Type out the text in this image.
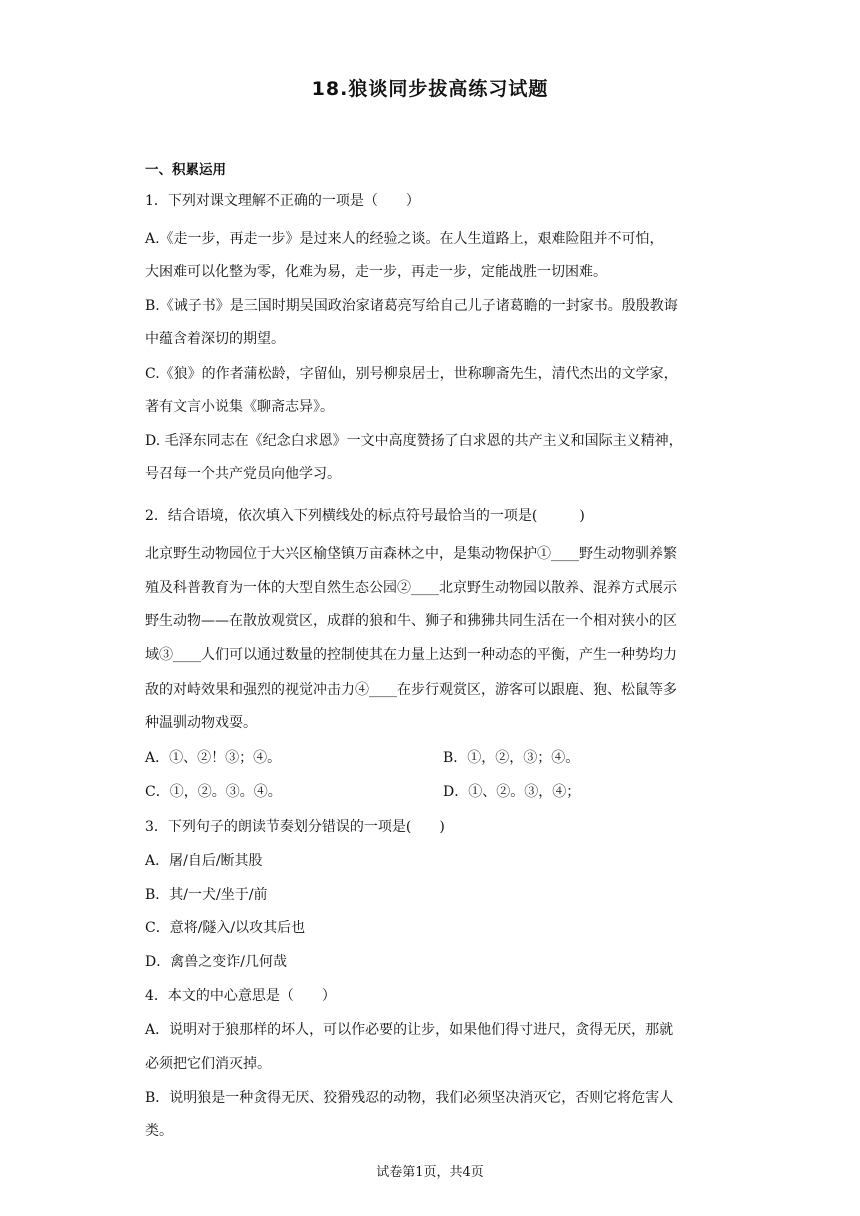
18.狼谈同步拔高练习试题
一、积累运用
1．下列对课文理解不正确的一项是（　　）
A.《走一步，再走一步》是过来人的经验之谈。在人生道路上，艰难险阻并不可怕，
大困难可以化整为零，化难为易，走一步，再走一步，定能战胜一切困难。
B.《诫子书》是三国时期吴国政治家诸葛亮写给自己儿子诸葛瞻的一封家书。殷殷教诲
中蕴含着深切的期望。
C.《狼》的作者蒲松龄，字留仙，别号柳泉居士，世称聊斋先生，清代杰出的文学家，
著有文言小说集《聊斋志异》。
D. 毛泽东同志在《纪念白求恩》一文中高度赞扬了白求恩的共产主义和国际主义精神，
号召每一个共产党员向他学习。
2．结合语境，依次填入下列横线处的标点符号最恰当的一项是(　　　)
北京野生动物园位于大兴区榆垡镇万亩森林之中，是集动物保护①____野生动物驯养繁
殖及科普教育为一体的大型自然生态公园②____北京野生动物园以散养、混养方式展示
野生动物——在散放观赏区，成群的狼和牛、狮子和狒狒共同生活在一个相对狭小的区
域③____人们可以通过数量的控制使其在力量上达到一种动态的平衡，产生一种势均力
敌的对峙效果和强烈的视觉冲击力④____在步行观赏区，游客可以跟鹿、狍、松鼠等多
种温驯动物戏耍。
A．①、②！③；④。	B．①，②，③；④。
C．①，②。③。④。	D．①、②。③，④；
3．下列句子的朗读节奏划分错误的一项是(　　)
A．屠/自后/断其股
B．其/一犬/坐于/前
C．意将/隧入/以攻其后也
D．禽兽之变诈/几何哉
4．本文的中心意思是（　　）
A．说明对于狼那样的坏人，可以作必要的让步，如果他们得寸进尺，贪得无厌，那就
必须把它们消灭掉。
B．说明狼是一种贪得无厌、狡猾残忍的动物，我们必须坚决消灭它，否则它将危害人
类。
试卷第1页，共4页
